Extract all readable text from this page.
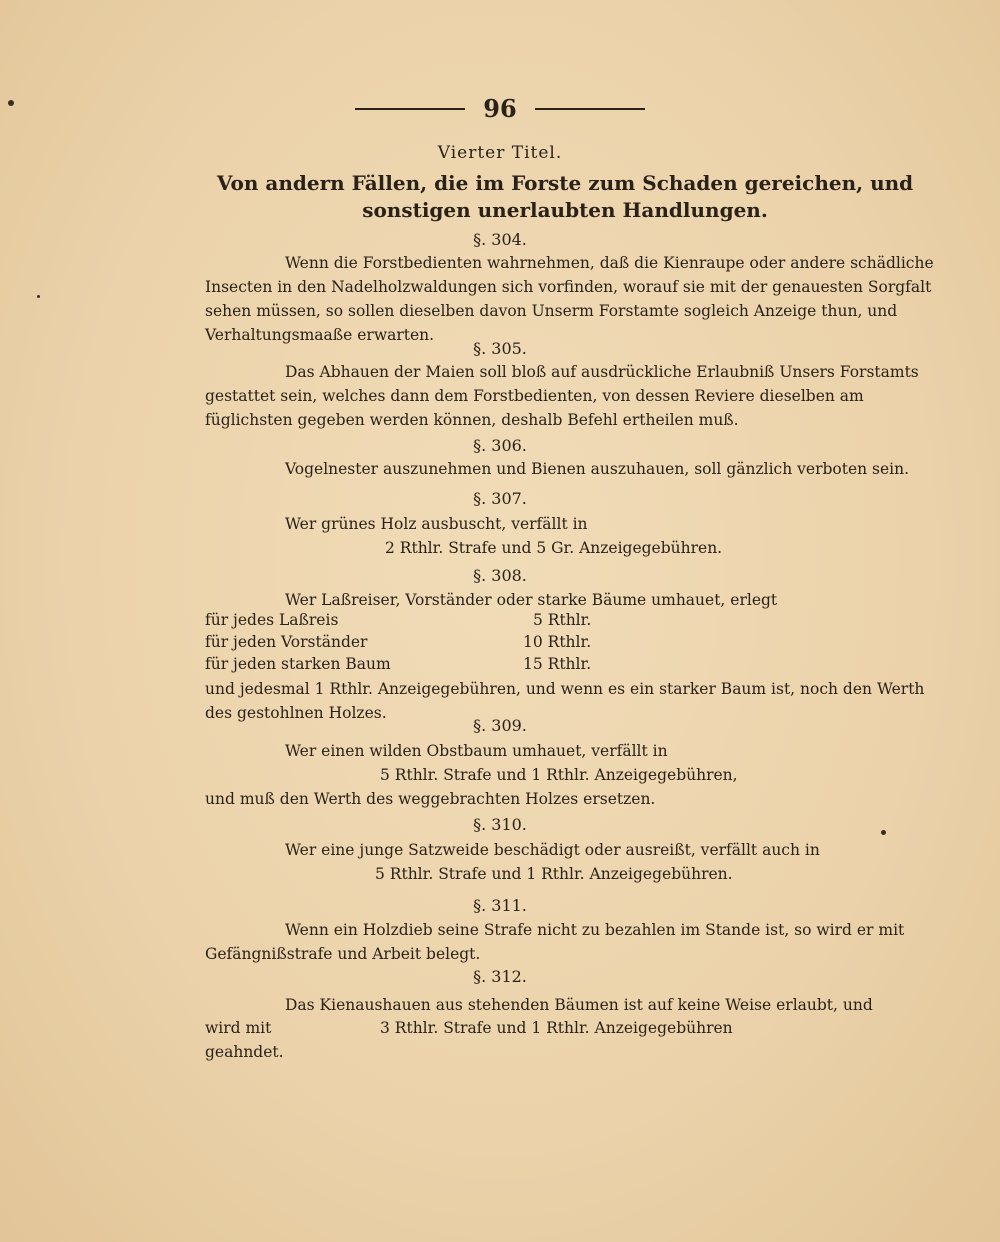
96
Vierter Titel.
Von andern Fällen, die im Forste zum Schaden gereichen, und sonstigen unerlaubten Handlungen.
§. 304.

Wenn die Forstbedienten wahrnehmen, daß die Kienraupe oder andere schädliche Insecten in den Nadelholzwaldungen sich vorfinden, worauf sie mit der genauesten Sorgfalt sehen müssen, so sollen dieselben davon Unserm Forstamte sogleich Anzeige thun, und Verhaltungsmaaße erwarten.

§. 305.

Das Abhauen der Maien soll bloß auf ausdrückliche Erlaubniß Unsers Forstamts gestattet sein, welches dann dem Forstbedienten, von dessen Reviere dieselben am füglichsten gegeben werden können, deshalb Befehl ertheilen muß.

§. 306.

Vogelnester auszunehmen und Bienen auszuhauen, soll gänzlich verboten sein.

§. 307.

Wer grünes Holz ausbuscht, verfällt in

2 Rthlr. Strafe und 5 Gr. Anzeigegebühren.

§. 308.

Wer Laßreiser, Vorständer oder starke Bäume umhauet, erlegt

für jedes Laßreis	5 Rthlr.
für jeden Vorständer	10 Rthlr.
für jeden starken Baum	15 Rthlr.

und jedesmal 1 Rthlr. Anzeigegebühren, und wenn es ein starker Baum ist, noch den Werth des gestohlnen Holzes.

§. 309.

Wer einen wilden Obstbaum umhauet, verfällt in

5 Rthlr. Strafe und 1 Rthlr. Anzeigegebühren,

und muß den Werth des weggebrachten Holzes ersetzen.

§. 310.

Wer eine junge Satzweide beschädigt oder ausreißt, verfällt auch in

5 Rthlr. Strafe und 1 Rthlr. Anzeigegebühren.

§. 311.

Wenn ein Holzdieb seine Strafe nicht zu bezahlen im Stande ist, so wird er mit Gefängnißstrafe und Arbeit belegt.

§. 312.

Das Kienaushauen aus stehenden Bäumen ist auf keine Weise erlaubt, und

wird mit	3 Rthlr. Strafe und 1 Rthlr. Anzeigegebühren

geahndet.
